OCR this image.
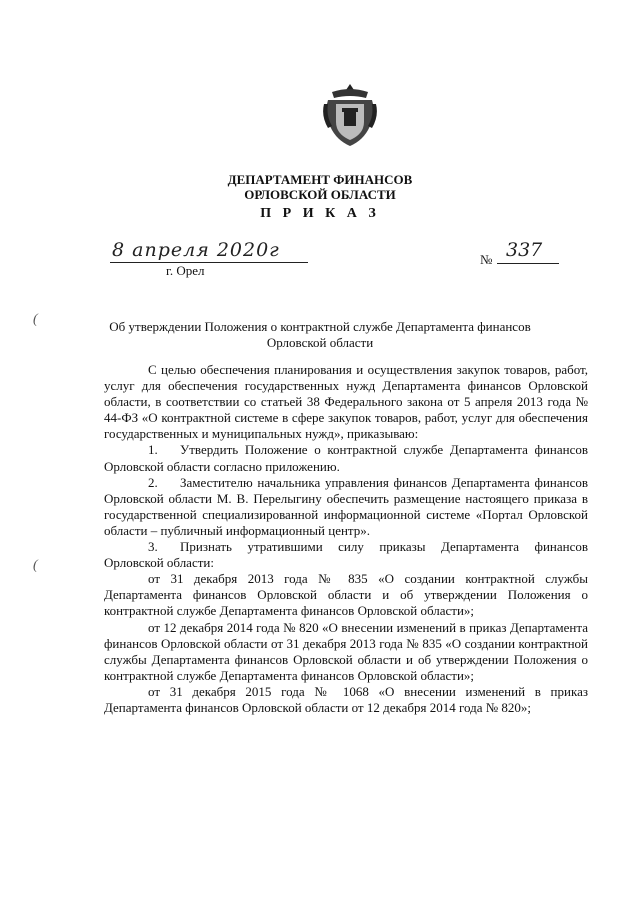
ДЕПАРТАМЕНТ ФИНАНСОВ
ОРЛОВСКОЙ ОБЛАСТИ
П Р И К А З
8 апреля 2020г
г. Орел
№ 337
(
(
Об утверждении Положения о контрактной службе Департамента финансов
Орловской области

С целью обеспечения планирования и осуществления закупок товаров, работ, услуг для обеспечения государственных нужд Департамента финансов Орловской области, в соответствии со статьей 38 Федерального закона от 5 апреля 2013 года № 44-ФЗ «О контрактной системе в сфере закупок товаров, работ, услуг для обеспечения государственных и муниципальных нужд», приказываю:

1. Утвердить Положение о контрактной службе Департамента финансов Орловской области согласно приложению.

2. Заместителю начальника управления финансов Департамента финансов Орловской области М. В. Перелыгину обеспечить размещение настоящего приказа в государственной специализированной информационной системе «Портал Орловской области – публичный информационный центр».

3. Признать утратившими силу приказы Департамента финансов Орловской области:

от 31 декабря 2013 года № 835 «О создании контрактной службы Департамента финансов Орловской области и об утверждении Положения о контрактной службе Департамента финансов Орловской области»;

от 12 декабря 2014 года № 820 «О внесении изменений в приказ Департамента финансов Орловской области от 31 декабря 2013 года № 835 «О создании контрактной службы Департамента финансов Орловской области и об утверждении Положения о контрактной службе Департамента финансов Орловской области»;

от 31 декабря 2015 года № 1068 «О внесении изменений в приказ Департамента финансов Орловской области от 12 декабря 2014 года № 820»;
